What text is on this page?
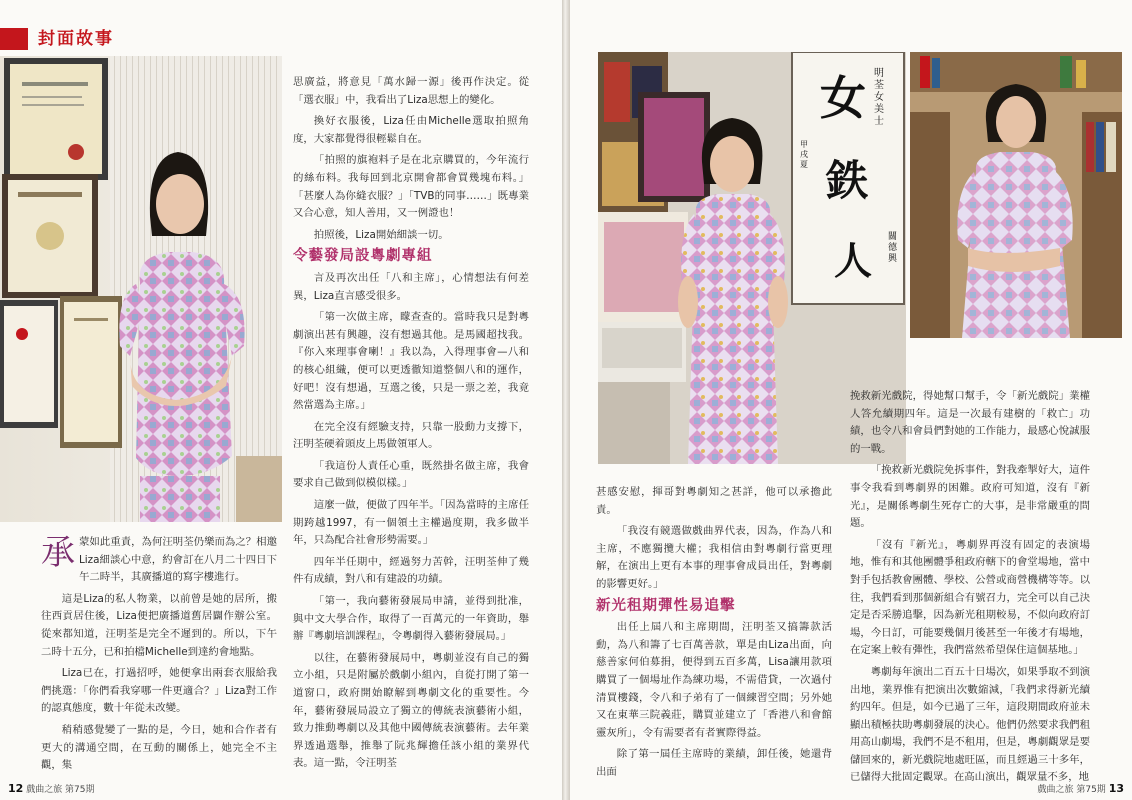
封面故事

承蒙如此重責，為何汪明荃仍樂而為之？相邀Liza細談心中意，約會訂在八月二十四日下午二時半，其廣播道的寫字樓進行。

這是Liza的私人物業，以前曾是她的居所，搬往西貢居住後，Liza便把廣播道舊居闢作辦公室。從來都知道，汪明荃是完全不遲到的。所以，下午二時十五分，已和拍檔Michelle到達約會地點。

Liza已在，打過招呼，她便拿出兩套衣服給我們挑選：「你們看我穿哪一件更適合？」Liza對工作的認真態度，數十年從未改變。

稍稍感覺變了一點的是，今日，她和合作者有更大的溝通空間，在互動的關係上，她完全不主觀，集

思廣益，將意見「萬水歸一源」後再作決定。從「選衣服」中，我看出了Liza思想上的變化。

換好衣服後，Liza任由Michelle選取拍照角度，大家都覺得很輕鬆自在。

「拍照的旗袍料子是在北京購買的，今年流行的絲布料。我每回到北京開會都會買幾塊布料。」「甚麼人為你縫衣服？」「TVB的同事……」既專業又合心意，知人善用，又一例證也！

拍照後，Liza開始細談一切。

令藝發局設粵劇專組

言及再次出任「八和主席」，心情想法有何差異，Liza直言感受很多。

「第一次做主席，矇查查的。當時我只是對粵劇演出甚有興趣，沒有想過其他。是馬國超找我。『你入來理事會喇！』我以為，入得理事會—八和的核心組織，便可以更透徹知道整個八和的運作，好吧！沒有想過，互選之後，只是一票之差，我竟然當選為主席。」

在完全沒有經驗支持，只靠一股動力支撐下，汪明荃硬着頭皮上馬做領軍人。

「我這份人責任心重，既然掛名做主席，我會要求自己做到似模似樣。」

這麼一做，便做了四年半。「因為當時的主席任期跨越1997，有一個領土主權過度期，我多做半年，只為配合社會形勢需要。」

四年半任期中，經過努力苦幹，汪明荃伸了幾件有成績，對八和有建設的功績。

「第一，我向藝術發展局申請，並得到批准，與中文大學合作，取得了一百萬元的一年資助，舉辦『粵劇培訓課程』，令粵劇得入藝術發展局。」

以往，在藝術發展局中，粵劇並沒有自己的獨立小組，只是附屬於戲劇小組內，自從打開了第一道窗口，政府開始瞭解到粵劇文化的重要性。今年，藝術發展局設立了獨立的傳統表演藝術小組，致力推動粵劇以及其他中國傳統表演藝術。去年業界透過選舉，推舉了阮兆輝擔任該小組的業界代表。這一點，令汪明荃

12 戲曲之旅 第75期
女
鉄
人
明荃女美士
甲戌夏
關德興

甚感安慰，揮哥對粵劇知之甚詳，他可以承擔此責。

「我沒有競選做戲曲界代表，因為，作為八和主席，不應獨攬大權；我相信由對粵劇行當更理解，在演出上更有本事的理事會成員出任，對粵劇的影響更好。」

新光租期彈性易追擊

出任上屆八和主席期間，汪明荃又搞籌款活動，為八和籌了七百萬善款，單是由Liza出面，向慈善家何伯募捐，便得到五百多萬，Lisa讓用款項購買了一個場址作為練功場，不需借貸，一次過付清買樓錢，令八和子弟有了一個練習空間；另外她又在東華三院義莊，購買並建立了「香港八和會館靈灰所」，令有需要者有者實際得益。

除了第一屆任主席時的業績，卸任後，她還背出面

挽救新光戲院，得她幫口幫手，令「新光戲院」業權人答允續期四年。這是一次最有建樹的「救亡」功績，也令八和會員們對她的工作能力，最感心悅誠服的一戰。

「挽救新光戲院免拆事件，對我牽掣好大，這件事令我看到粵劇界的困難。政府可知道，沒有『新光』，是關係粵劇生死存亡的大事，是非常嚴重的問題。

「沒有『新光』，粵劇界再沒有固定的表演場地，惟有和其他團體爭租政府轄下的會堂場地，當中對手包括教會團體、學校、公營或商營機構等等。以往，我們看到那個新組合有號召力，完全可以自己決定是否采勝追擊，因為新光租期較易，不似向政府訂場，今日訂，可能要幾個月後甚至一年後才有場地，在定案上較有彈性，我們當然希望保住這個基地。」

粵劇每年演出二百五十日場次，如果爭取不到演出地，業界惟有把演出次數縮減，「我們求得新光續約四年。但是，如今已過了三年，這段期間政府並未顯出積極扶助粵劇發展的決心。他們仍然要求我們租用高山劇場，我們不是不租用，但是，粵劇觀眾是要儲回來的，新光戲院地處旺區，而且經過三十多年，已儲得大批固定觀眾。在高山演出，觀眾量不多，地

戲曲之旅 第75期 13
